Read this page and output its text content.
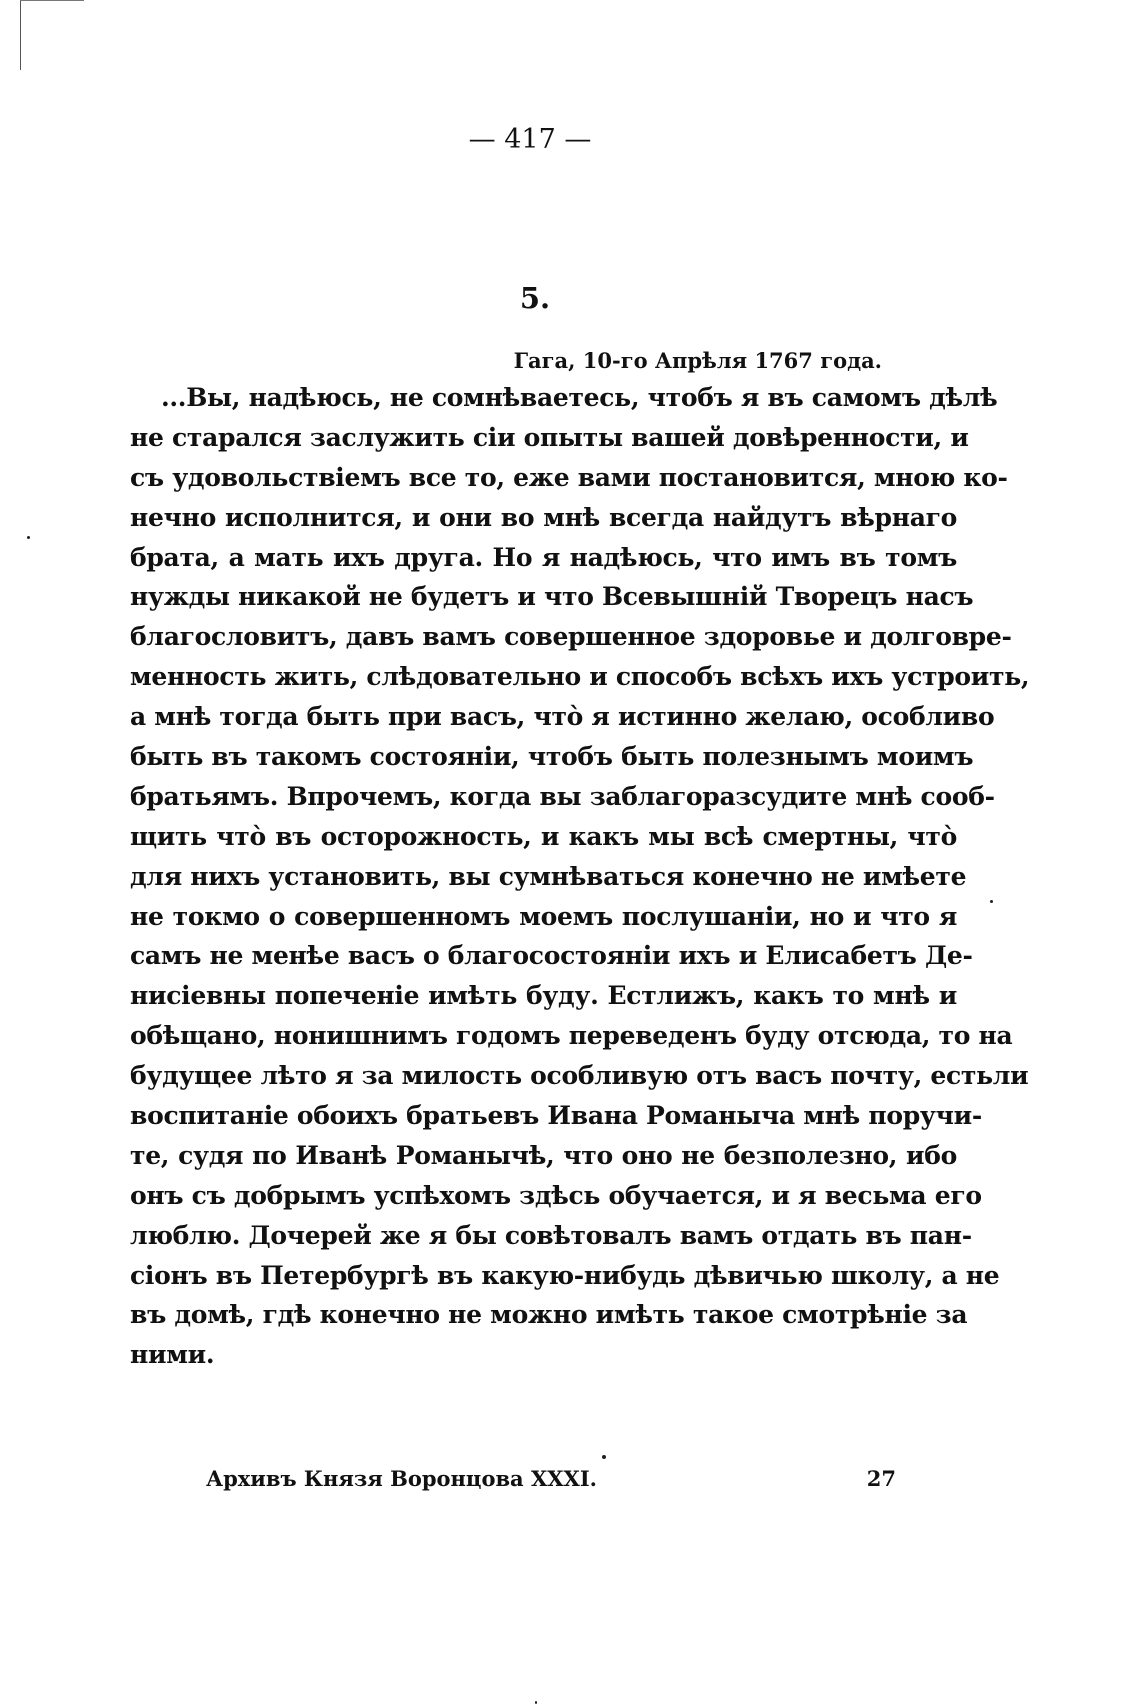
— 417 —
5.
Гага, 10-го Апрѣля 1767 года.
...Вы, надѣюсь, не сомнѣваетесь, чтобъ я въ самомъ дѣлѣ
не старался заслужить сіи опыты вашей довѣренности, и
съ удовольствіемъ все то, еже вами постановится, мною ко-
нечно исполнится, и они во мнѣ всегда найдутъ вѣрнаго
брата, а мать ихъ друга. Но я надѣюсь, что имъ въ томъ
нужды никакой не будетъ и что Всевышній Творецъ насъ
благословитъ, давъ вамъ совершенное здоровье и долговре-
менность жить, слѣдовательно и способъ всѣхъ ихъ устроить,
а мнѣ тогда быть при васъ, чтò я истинно желаю, особливо
быть въ такомъ состояніи, чтобъ быть полезнымъ моимъ
братьямъ. Впрочемъ, когда вы заблагоразсудите мнѣ сооб-
щить чтò въ осторожность, и какъ мы всѣ смертны, чтò
для нихъ установить, вы сумнѣваться конечно не имѣете
не токмо о совершенномъ моемъ послушаніи, но и что я
самъ не менѣе васъ о благосостояніи ихъ и Елисабетъ Де-
нисіевны попеченіе имѣть буду. Естлижъ, какъ то мнѣ и
обѣщано, нонишнимъ годомъ переведенъ буду отсюда, то на
будущее лѣто я за милость особливую отъ васъ почту, естьли
воспитаніе обоихъ братьевъ Ивана Романыча мнѣ поручи-
те, судя по Иванѣ Романычѣ, что оно не безполезно, ибо
онъ съ добрымъ успѣхомъ здѣсь обучается, и я весьма его
люблю. Дочерей же я бы совѣтовалъ вамъ отдать въ пан-
сіонъ въ Петербургѣ въ какую-нибудь дѣвичью школу, а не
въ домѣ, гдѣ конечно не можно имѣть такое смотрѣніе за
ними.
Архивъ Князя Воронцова XXXI.	27
